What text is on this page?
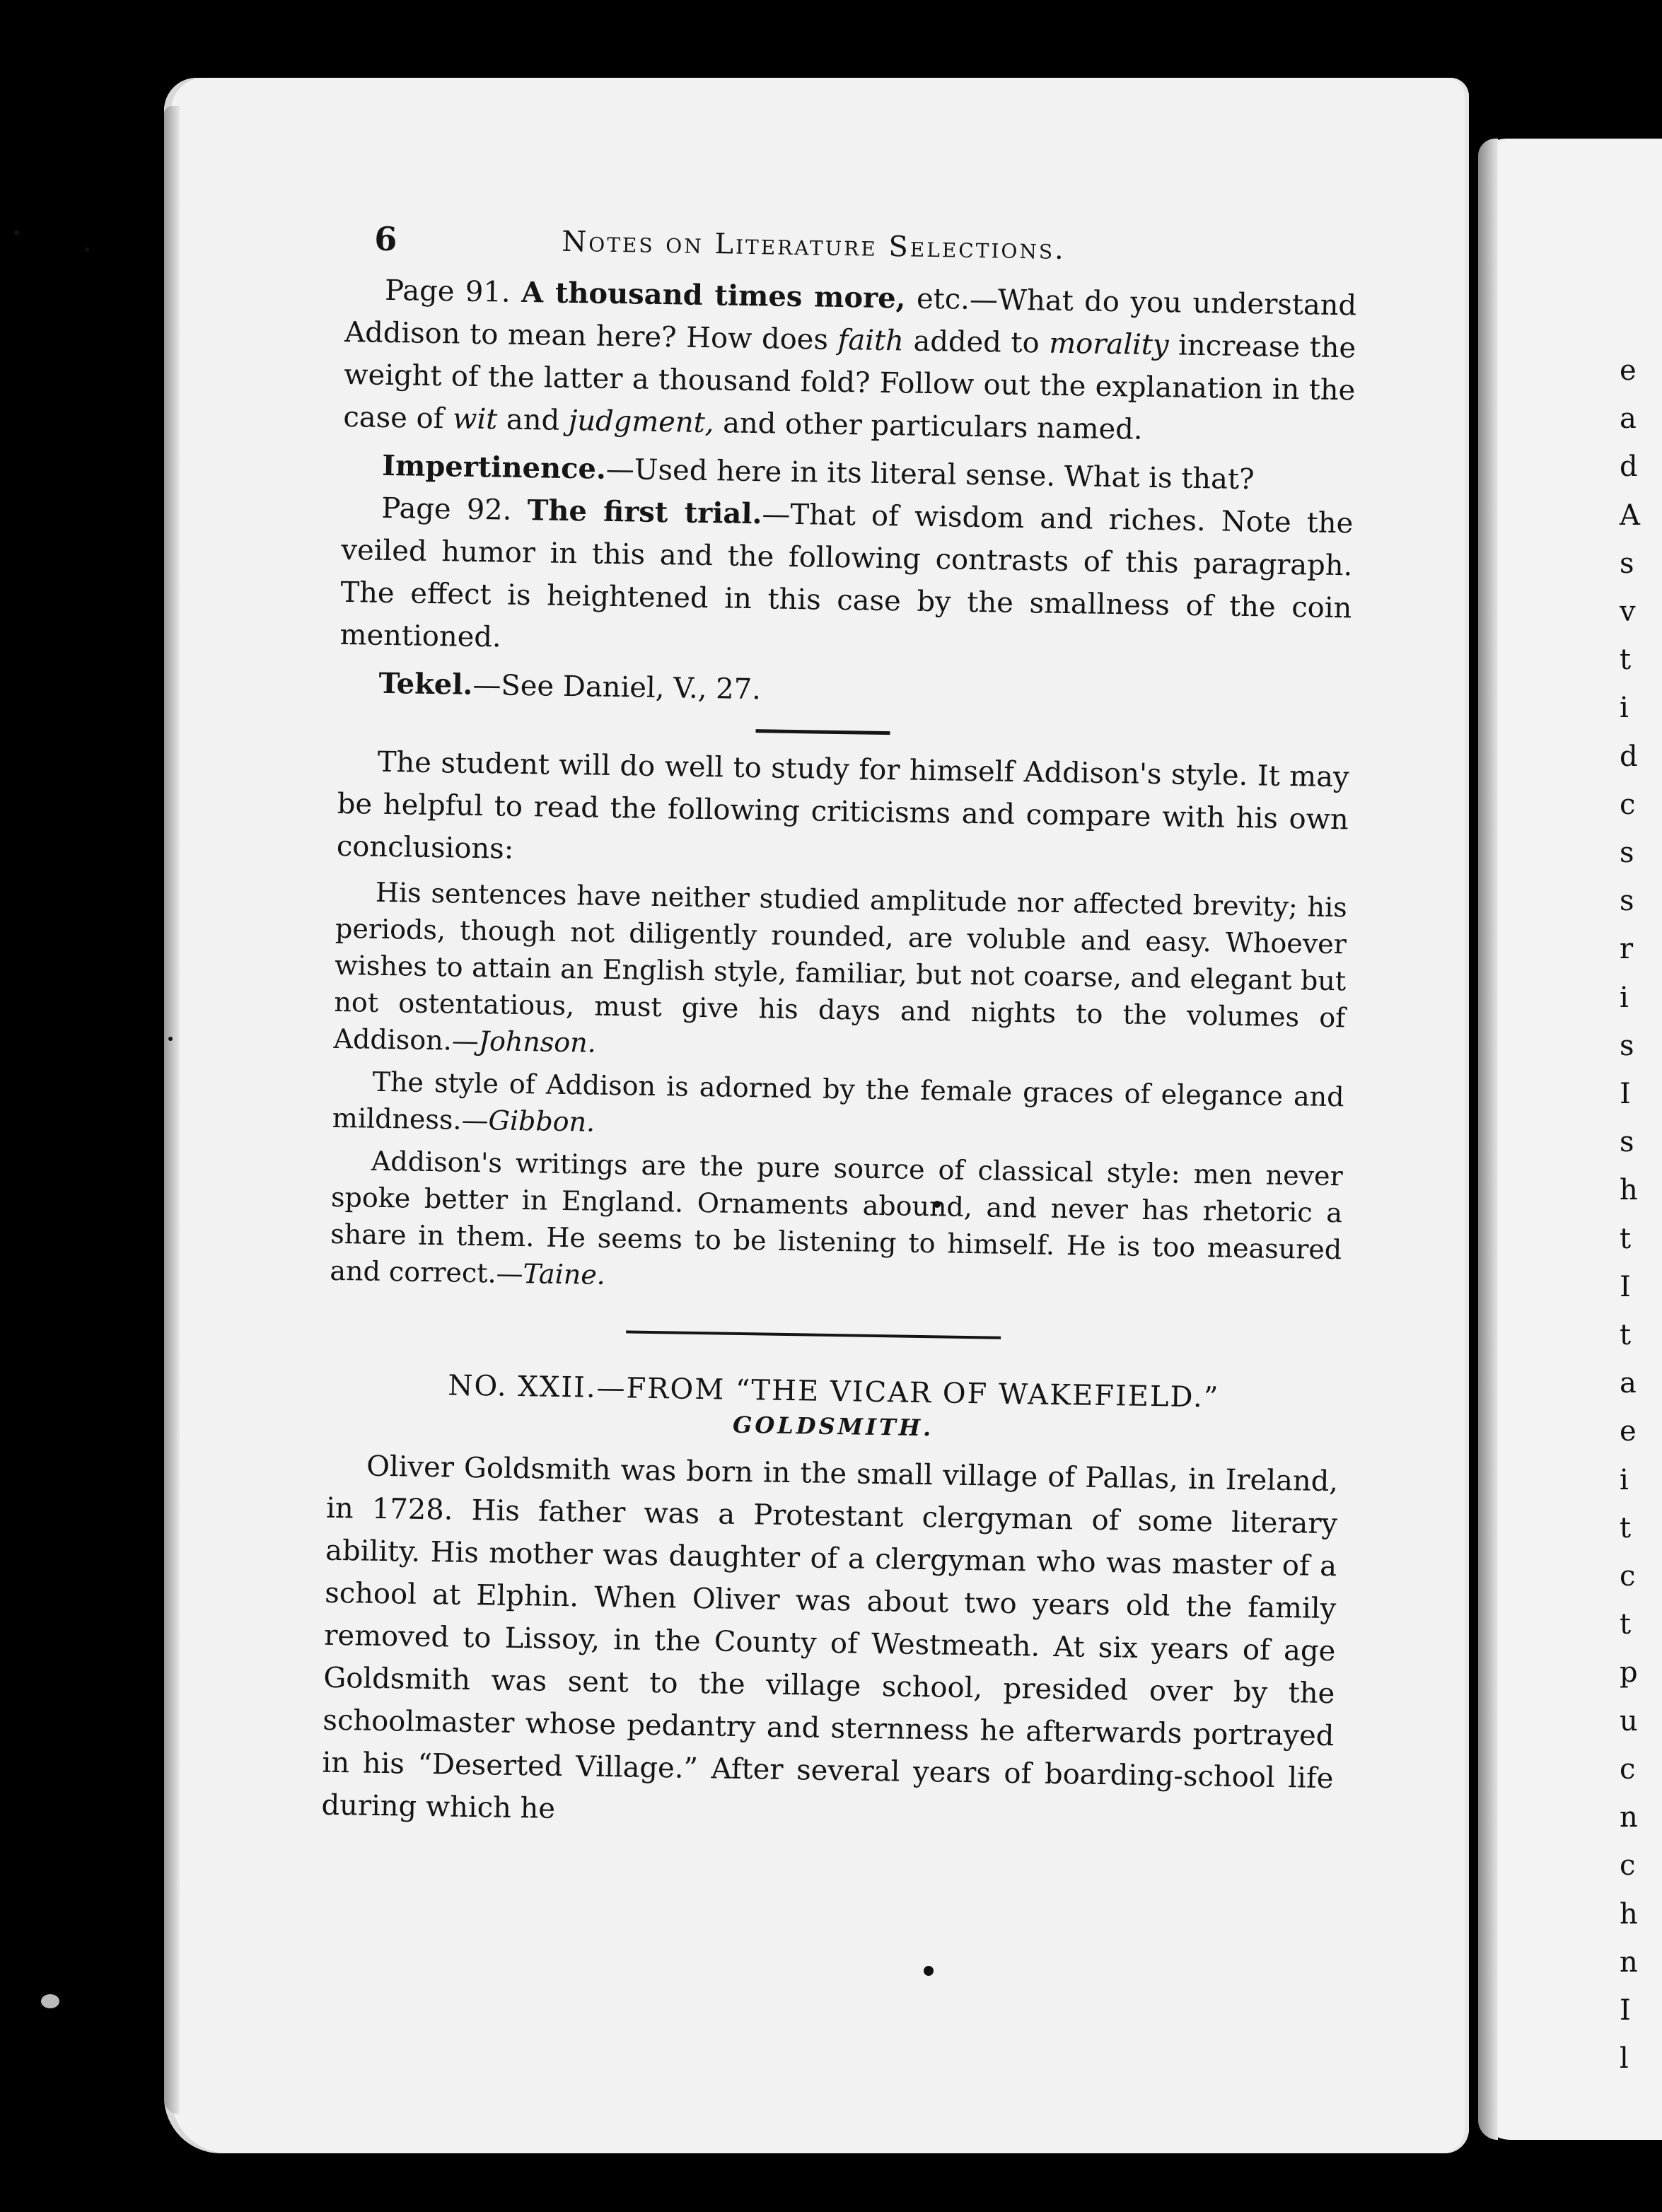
e
a
d
A
s
v
t
i
d
c
s
s
r
i
s
I
s
h
t
I
t
a
e
i
t
c
t
p
u
c
n
c
h
n
I
l
6	Notes on Literature Selections.

Page 91. A thousand times more, etc.—What do you understand Addison to mean here? How does faith added to morality increase the weight of the latter a thousand fold? Follow out the explanation in the case of wit and judgment, and other particulars named.

Impertinence.—Used here in its literal sense. What is that?

Page 92. The first trial.—That of wisdom and riches. Note the veiled humor in this and the following contrasts of this paragraph. The effect is heightened in this case by the smallness of the coin mentioned.

Tekel.—See Daniel, V., 27.

The student will do well to study for himself Addison's style. It may be helpful to read the following criticisms and compare with his own conclusions:

His sentences have neither studied amplitude nor affected brevity; his periods, though not diligently rounded, are voluble and easy. Whoever wishes to attain an English style, familiar, but not coarse, and elegant but not ostentatious, must give his days and nights to the volumes of Addison.—Johnson.

The style of Addison is adorned by the female graces of elegance and mildness.—Gibbon.

Addison's writings are the pure source of classical style: men never spoke better in England. Ornaments abound, and never has rhetoric a share in them. He seems to be listening to himself. He is too measured and correct.—Taine.

NO. XXII.—FROM “THE VICAR OF WAKEFIELD.”
GOLDSMITH.

Oliver Goldsmith was born in the small village of Pallas, in Ireland, in 1728. His father was a Protestant clergyman of some literary ability. His mother was daughter of a clergyman who was master of a school at Elphin. When Oliver was about two years old the family removed to Lissoy, in the County of Westmeath. At six years of age Goldsmith was sent to the village school, presided over by the schoolmaster whose pedantry and sternness he afterwards portrayed in his “Deserted Village.” After several years of boarding-school life during which he
